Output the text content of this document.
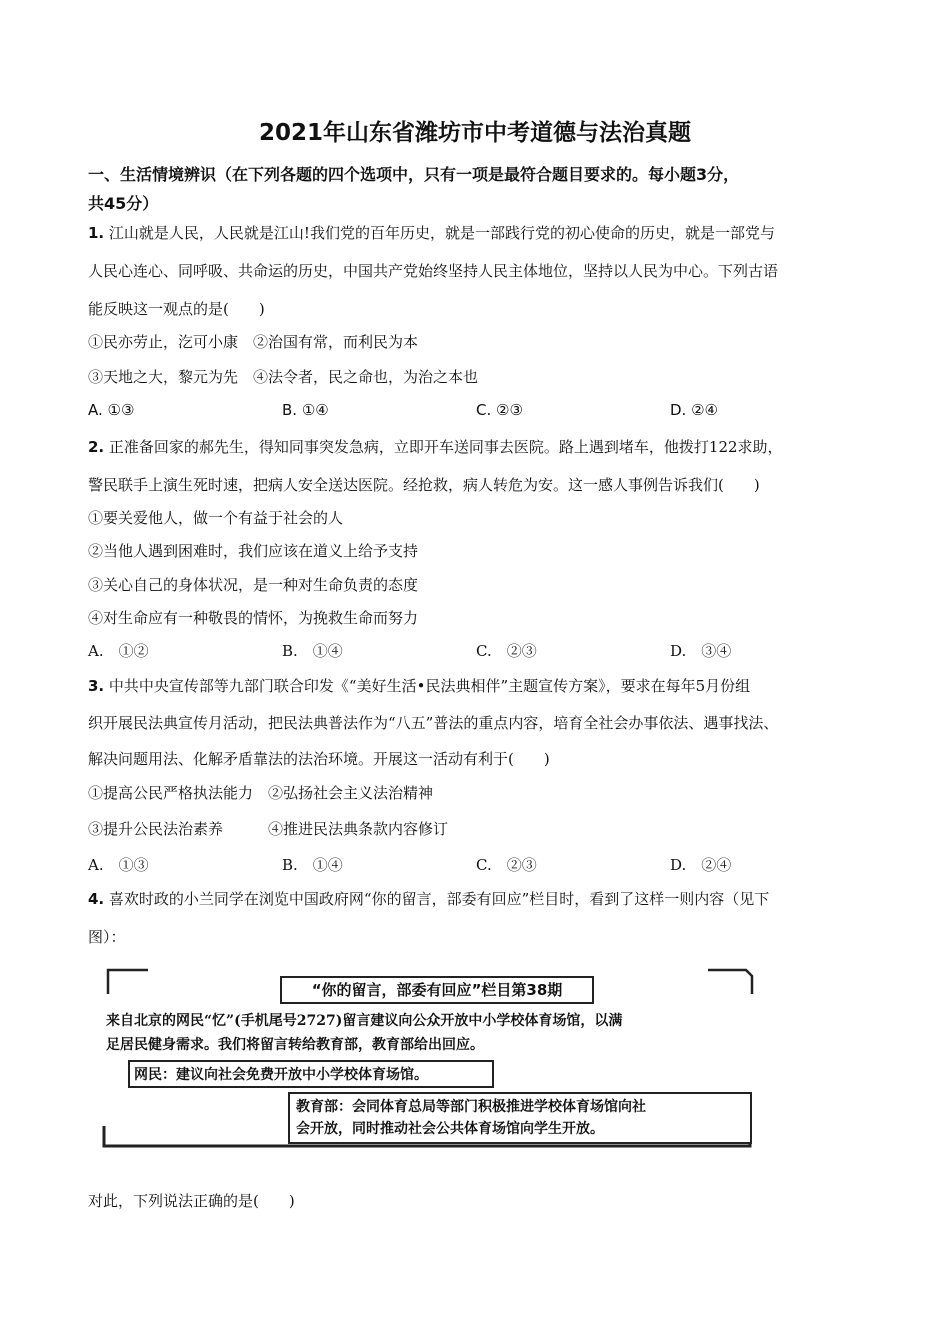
2021年山东省潍坊市中考道德与法治真题
一、生活情境辨识（在下列各题的四个选项中，只有一项是最符合题目要求的。每小题3分，
共45分）
1. 江山就是人民，人民就是江山!我们党的百年历史，就是一部践行党的初心使命的历史，就是一部党与
人民心连心、同呼吸、共命运的历史，中国共产党始终坚持人民主体地位，坚持以人民为中心。下列古语
能反映这一观点的是(　　)
①民亦劳止，汔可小康　②治国有常，而利民为本
③天地之大，黎元为先　④法令者，民之命也，为治之本也
A. ①③	B. ①④	C. ②③	D. ②④
2. 正准备回家的郝先生，得知同事突发急病，立即开车送同事去医院。路上遇到堵车，他拨打122求助，
警民联手上演生死时速，把病人安全送达医院。经抢救，病人转危为安。这一感人事例告诉我们(　　)
①要关爱他人，做一个有益于社会的人
②当他人遇到困难时，我们应该在道义上给予支持
③关心自己的身体状况，是一种对生命负责的态度
④对生命应有一种敬畏的情怀，为挽救生命而努力
A.　①②	B.　①④	C.　②③	D.　③④
3. 中共中央宣传部等九部门联合印发《“美好生活•民法典相伴”主题宣传方案》，要求在每年5月份组
织开展民法典宣传月活动，把民法典普法作为“八五”普法的重点内容，培育全社会办事依法、遇事找法、
解决问题用法、化解矛盾靠法的法治环境。开展这一活动有利于(　　)
①提高公民严格执法能力　②弘扬社会主义法治精神
③提升公民法治素养　　　④推进民法典条款内容修订
A.　①③	B.　①④	C.　②③	D.　②④
4. 喜欢时政的小兰同学在浏览中国政府网“你的留言，部委有回应”栏目时，看到了这样一则内容（见下
图）：
“你的留言，部委有回应”栏目第38期
来自北京的网民“忆”(手机尾号2727)留言建议向公众开放中小学校体育场馆，以满
足居民健身需求。我们将留言转给教育部，教育部给出回应。
网民：建议向社会免费开放中小学校体育场馆。
教育部：会同体育总局等部门积极推进学校体育场馆向社
会开放，同时推动社会公共体育场馆向学生开放。
对此，下列说法正确的是(　　)
